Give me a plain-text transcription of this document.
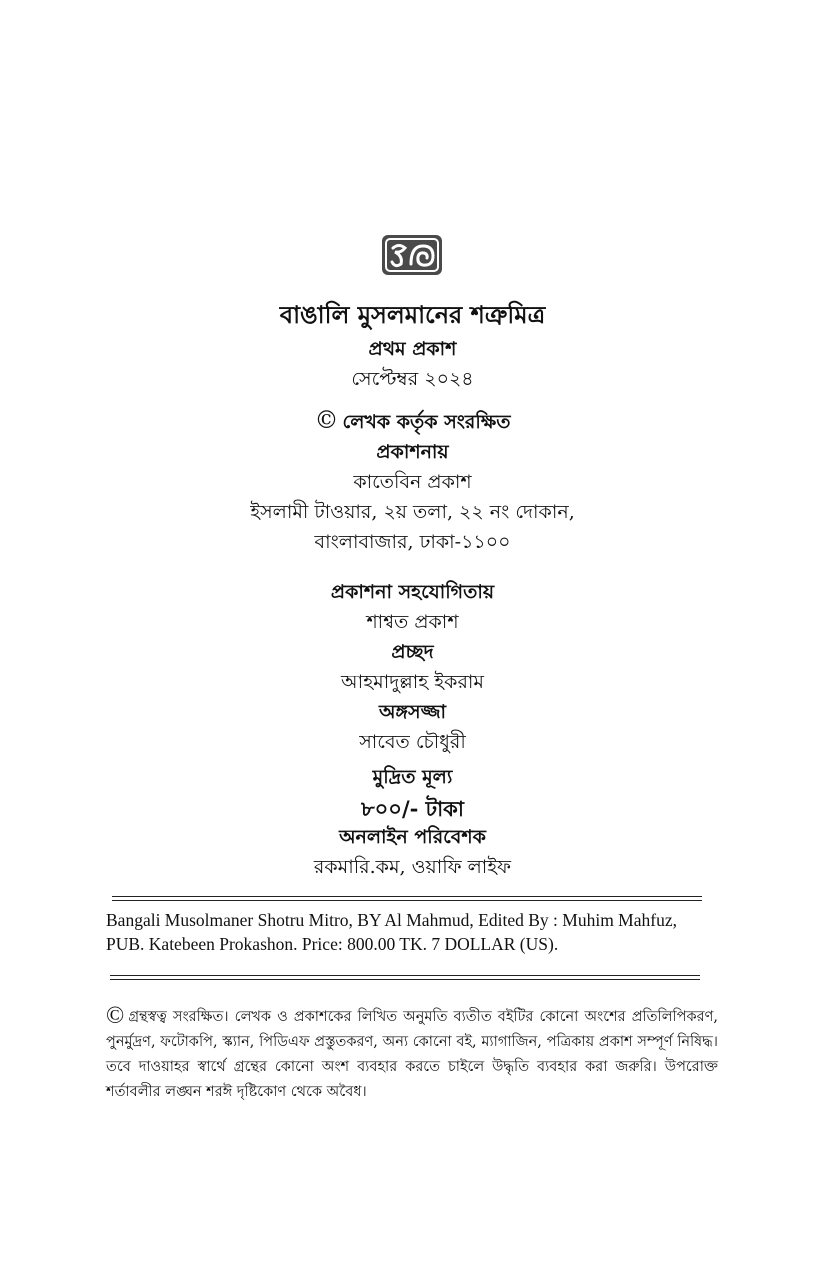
বাঙালি মুসলমানের শত্রুমিত্র
প্রথম প্রকাশ
সেপ্টেম্বর ২০২৪
© লেখক কর্তৃক সংরক্ষিত
প্রকাশনায়
কাতেবিন প্রকাশ
ইসলামী টাওয়ার, ২য় তলা, ২২ নং দোকান,
বাংলাবাজার, ঢাকা-১১০০
প্রকাশনা সহযোগিতায়
শাশ্বত প্রকাশ
প্রচ্ছদ
আহমাদুল্লাহ ইকরাম
অঙ্গসজ্জা
সাবেত চৌধুরী
মুদ্রিত মূল্য
৮০০/- টাকা
অনলাইন পরিবেশক
রকমারি.কম, ওয়াফি লাইফ
Bangali Musolmaner Shotru Mitro, BY Al Mahmud, Edited By : Muhim Mahfuz,
PUB. Katebeen Prokashon. Price: 800.00 TK. 7 DOLLAR (US).
© গ্রন্থস্বত্ব সংরক্ষিত। লেখক ও প্রকাশকের লিখিত অনুমতি ব্যতীত বইটির কোনো অংশের প্রতিলিপিকরণ, পুনর্মুদ্রণ, ফটোকপি, স্ক্যান, পিডিএফ প্রস্তুতকরণ, অন্য কোনো বই, ম্যাগাজিন, পত্রিকায় প্রকাশ সম্পূর্ণ নিষিদ্ধ। তবে দাওয়াহর স্বার্থে গ্রন্থের কোনো অংশ ব্যবহার করতে চাইলে উদ্ধৃতি ব্যবহার করা জরুরি। উপরোক্ত শর্তাবলীর লঙ্ঘন শরঈ দৃষ্টিকোণ থেকে অবৈধ।
